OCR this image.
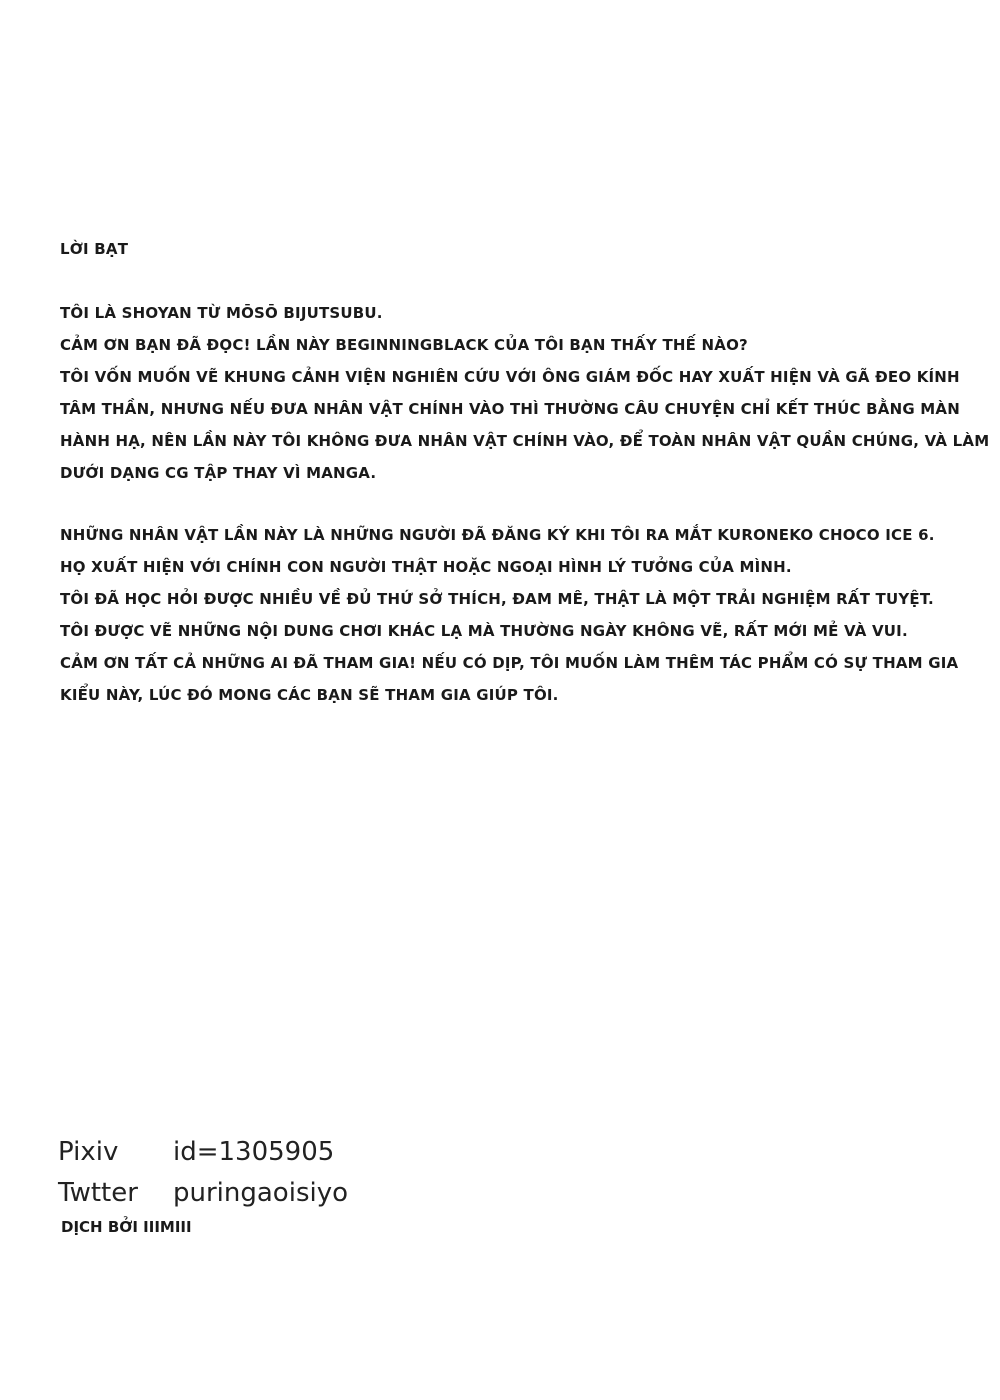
LỜI BẠT
TÔI LÀ SHOYAN TỪ MŌSŌ BIJUTSUBU.
CẢM ƠN BẠN ĐÃ ĐỌC! LẦN NÀY BEGINNINGBLACK CỦA TÔI BẠN THẤY THẾ NÀO?
TÔI VỐN MUỐN VẼ KHUNG CẢNH VIỆN NGHIÊN CỨU VỚI ÔNG GIÁM ĐỐC HAY XUẤT HIỆN VÀ GÃ ĐEO KÍNH
TÂM THẦN, NHƯNG NẾU ĐƯA NHÂN VẬT CHÍNH VÀO THÌ THƯỜNG CÂU CHUYỆN CHỈ KẾT THÚC BẰNG MÀN
HÀNH HẠ, NÊN LẦN NÀY TÔI KHÔNG ĐƯA NHÂN VẬT CHÍNH VÀO, ĐỂ TOÀN NHÂN VẬT QUẦN CHÚNG, VÀ LÀM
DƯỚI DẠNG CG TẬP THAY VÌ MANGA.
NHỮNG NHÂN VẬT LẦN NÀY LÀ NHỮNG NGƯỜI ĐÃ ĐĂNG KÝ KHI TÔI RA MẮT KURONEKO CHOCO ICE 6.
HỌ XUẤT HIỆN VỚI CHÍNH CON NGƯỜI THẬT HOẶC NGOẠI HÌNH LÝ TƯỞNG CỦA MÌNH.
TÔI ĐÃ HỌC HỎI ĐƯỢC NHIỀU VỀ ĐỦ THỨ SỞ THÍCH, ĐAM MÊ, THẬT LÀ MỘT TRẢI NGHIỆM RẤT TUYỆT.
TÔI ĐƯỢC VẼ NHỮNG NỘI DUNG CHƠI KHÁC LẠ MÀ THƯỜNG NGÀY KHÔNG VẼ, RẤT MỚI MẺ VÀ VUI.
CẢM ƠN TẤT CẢ NHỮNG AI ĐÃ THAM GIA! NẾU CÓ DỊP, TÔI MUỐN LÀM THÊM TÁC PHẨM CÓ SỰ THAM GIA
KIỂU NÀY, LÚC ĐÓ MONG CÁC BẠN SẼ THAM GIA GIÚP TÔI.
Pixiv id=1305905
Twtter puringaoisiyo
DỊCH BỞI IIIMIII
